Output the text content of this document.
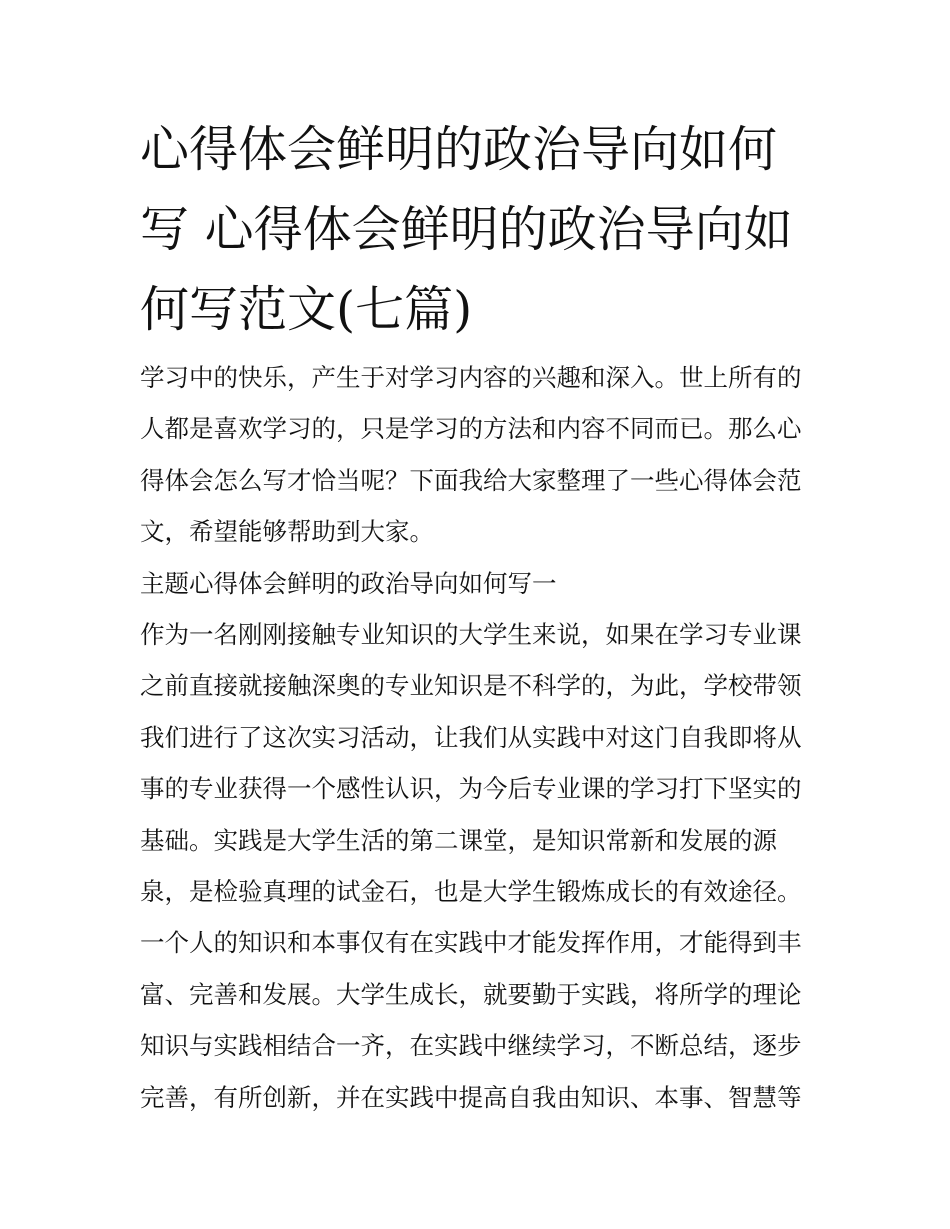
心得体会鲜明的政治导向如何
写 心得体会鲜明的政治导向如
何写范文(七篇)
学习中的快乐，产生于对学习内容的兴趣和深入。世上所有的
人都是喜欢学习的，只是学习的方法和内容不同而已。那么心
得体会怎么写才恰当呢？下面我给大家整理了一些心得体会范
文，希望能够帮助到大家。
主题心得体会鲜明的政治导向如何写一
作为一名刚刚接触专业知识的大学生来说，如果在学习专业课
之前直接就接触深奥的专业知识是不科学的，为此，学校带领
我们进行了这次实习活动，让我们从实践中对这门自我即将从
事的专业获得一个感性认识，为今后专业课的学习打下坚实的
基础。实践是大学生活的第二课堂，是知识常新和发展的源
泉，是检验真理的试金石，也是大学生锻炼成长的有效途径。
一个人的知识和本事仅有在实践中才能发挥作用，才能得到丰
富、完善和发展。大学生成长，就要勤于实践，将所学的理论
知识与实践相结合一齐，在实践中继续学习，不断总结，逐步
完善，有所创新，并在实践中提高自我由知识、本事、智慧等
